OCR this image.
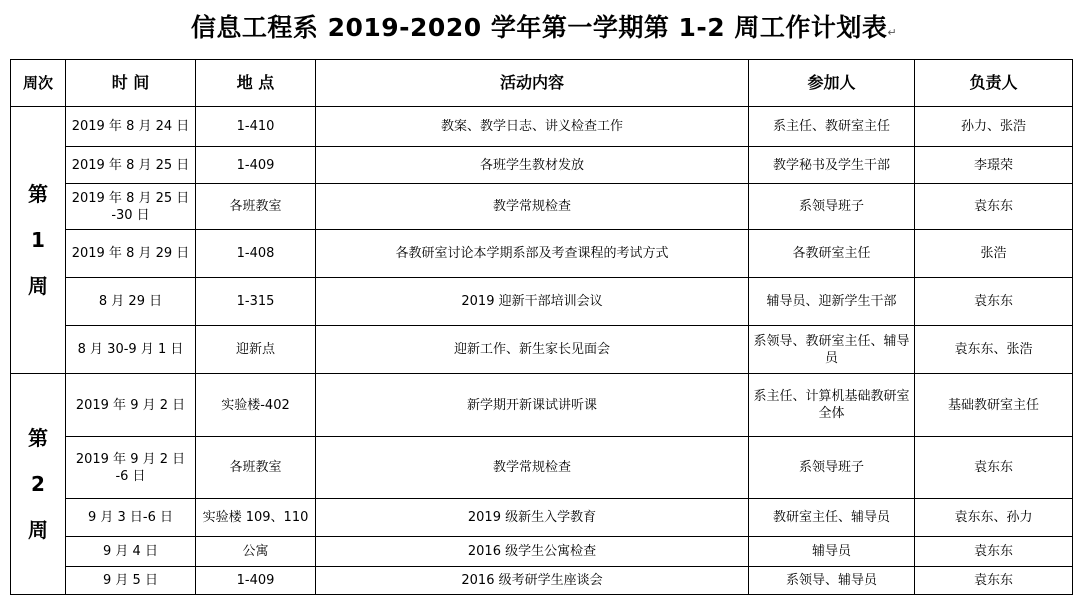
信息工程系 2019-2020 学年第一学期第 1-2 周工作计划表↵
周次	时 间	地 点	活动内容	参加人	负责人

第
1
周	2019 年 8 月 24 日	1-410	教案、教学日志、讲义检查工作	系主任、教研室主任	孙力、张浩
	2019 年 8 月 25 日	1-409	各班学生教材发放	教学秘书及学生干部	李璟荣
	2019 年 8 月 25 日 -30 日	各班教室	教学常规检查	系领导班子	袁东东
	2019 年 8 月 29 日	1-408	各教研室讨论本学期系部及考查课程的考试方式	各教研室主任	张浩
	8 月 29 日	1-315	2019 迎新干部培训会议	辅导员、迎新学生干部	袁东东
	8 月 30-9 月 1 日	迎新点	迎新工作、新生家长见面会	系领导、教研室主任、辅导员	袁东东、张浩

第
2
周	2019 年 9 月 2 日	实验楼-402	新学期开新课试讲听课	系主任、计算机基础教研室全体	基础教研室主任
	2019 年 9 月 2 日 -6 日	各班教室	教学常规检查	系领导班子	袁东东
	9 月 3 日-6 日	实验楼 109、110	2019 级新生入学教育	教研室主任、辅导员	袁东东、孙力
	9 月 4 日	公寓	2016 级学生公寓检查	辅导员	袁东东
	9 月 5 日	1-409	2016 级考研学生座谈会	系领导、辅导员	袁东东
